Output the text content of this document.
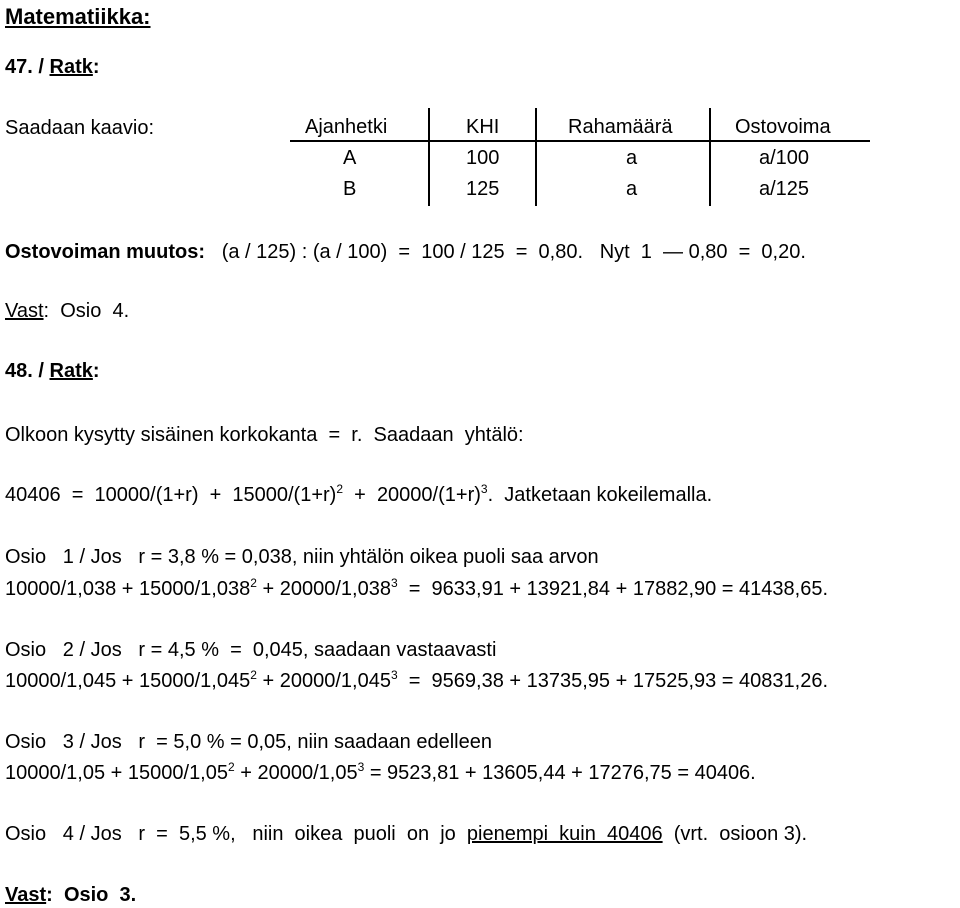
Matematiikka:
47. / Ratk:
Saadaan kaavio:	Ajanhetki	KHI	Rahamäärä	Ostovoima
A	100	a	a/100
B	125	a	a/125
Ostovoiman muutos: (a / 125) : (a / 100)  =  100 / 125  =  0,80.   Nyt  1  — 0,80  =  0,20.
Vast:  Osio  4.
48. / Ratk:
Olkoon kysytty sisäinen korkokanta  =  r.  Saadaan  yhtälö:
$40406 = 10000/(1+r) + 15000/(1+r)^2 + 20000/(1+r)^3$.  Jatketaan kokeilemalla.
Osio   1 / Jos   r = 3,8 % = 0,038, niin yhtälön oikea puoli saa arvon
$10000/1,038 + 15000/1,038^2 + 20000/1,038^3 = 9633,91 + 13921,84 + 17882,90 = 41438,65$.
Osio   2 / Jos   r = 4,5 %  =  0,045, saadaan vastaavasti
$10000/1,045 + 15000/1,045^2 + 20000/1,045^3 = 9569,38 + 13735,95 + 17525,93 = 40831,26$.
Osio   3 / Jos   r  = 5,0 % = 0,05, niin saadaan edelleen
$10000/1,05 + 15000/1,05^2 + 20000/1,05^3 = 9523,81 + 13605,44 + 17276,75 = 40406$.
Osio   4 / Jos   r  =  5,5 %,   niin  oikea  puoli  on  jo  pienempi  kuin  40406  (vrt.  osioon 3).
Vast:  Osio  3.
